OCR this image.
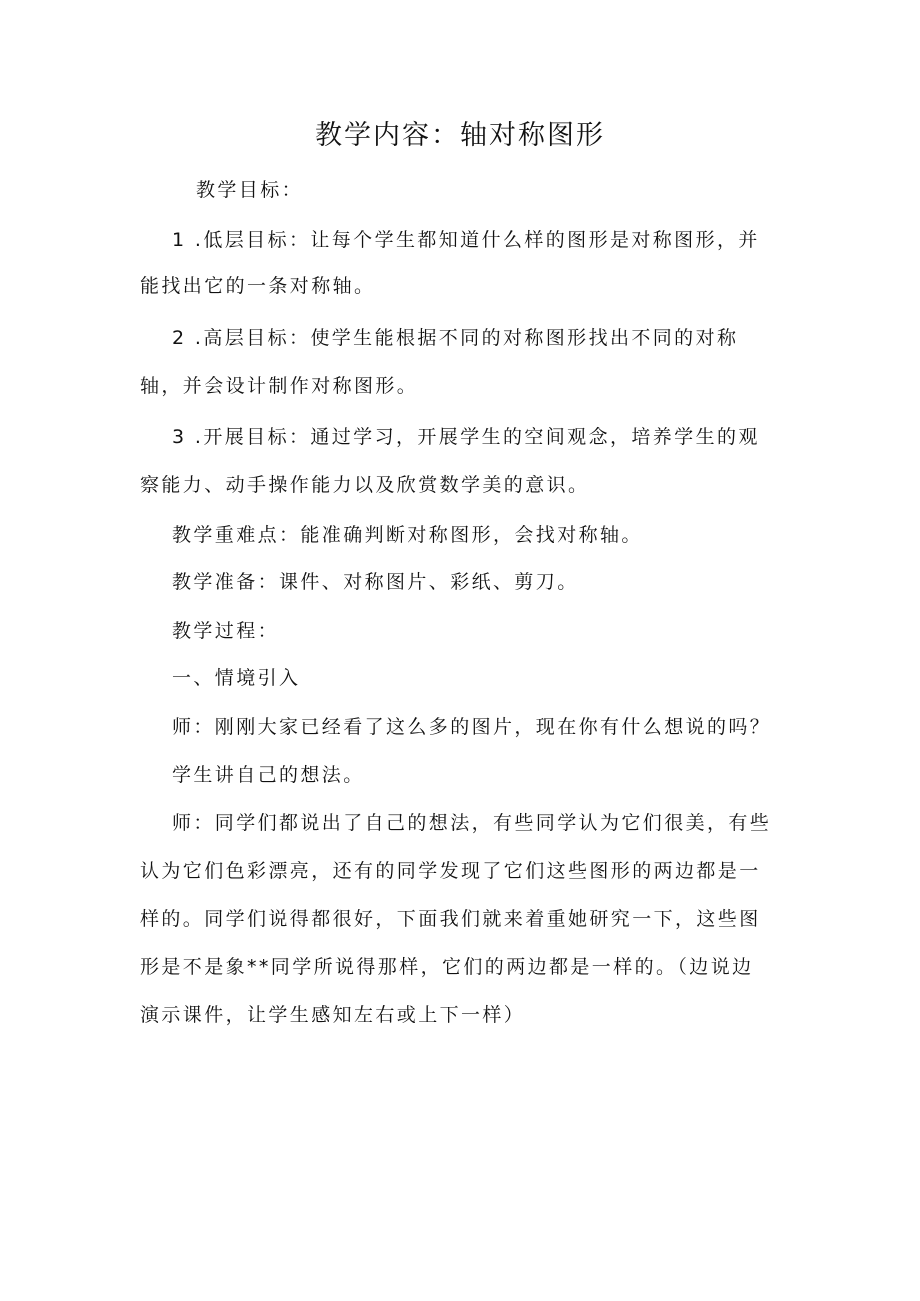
教学内容：轴对称图形
教学目标：
1 .低层目标：让每个学生都知道什么样的图形是对称图形，并
能找出它的一条对称轴。
2 .高层目标：使学生能根据不同的对称图形找出不同的对称
轴，并会设计制作对称图形。
3 .开展目标：通过学习，开展学生的空间观念，培养学生的观
察能力、动手操作能力以及欣赏数学美的意识。
教学重难点：能准确判断对称图形，会找对称轴。
教学准备：课件、对称图片、彩纸、剪刀。
教学过程：
一、情境引入
师：刚刚大家已经看了这么多的图片，现在你有什么想说的吗？
学生讲自己的想法。
师：同学们都说出了自己的想法，有些同学认为它们很美，有些
认为它们色彩漂亮，还有的同学发现了它们这些图形的两边都是一
样的。同学们说得都很好，下面我们就来着重她研究一下，这些图
形是不是象**同学所说得那样，它们的两边都是一样的。（边说边
演示课件，让学生感知左右或上下一样）
